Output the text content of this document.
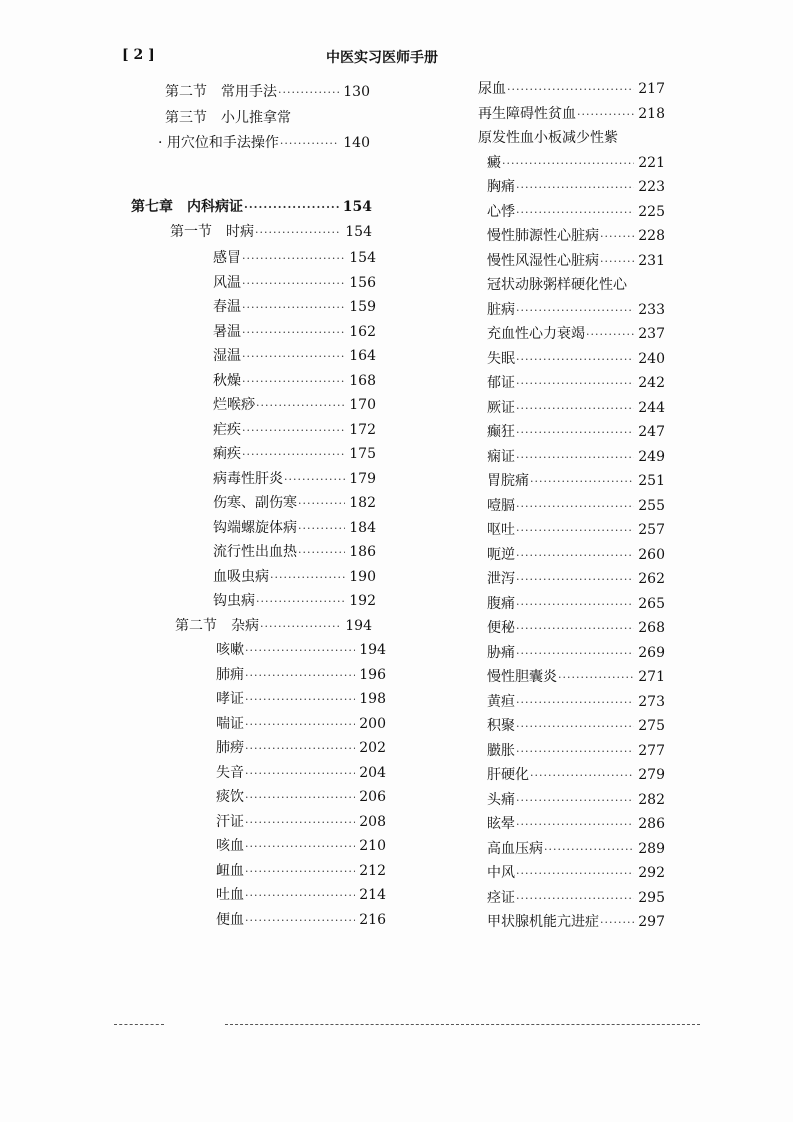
[ 2 ]	中医实习医师手册
第二节　常用手法 ·····	130
第三节　小儿推拿常
· 用穴位和手法操作 ·····	140
第七章　内科病证 ·····	154
第一节　时病 ·····	154
感冒 ·····	154
风温 ·····	156
春温 ·····	159
暑温 ·····	162
湿温 ·····	164
秋燥 ·····	168
烂喉痧 ·····	170
疟疾 ·····	172
痢疾 ·····	175
病毒性肝炎 ·····	179
伤寒、副伤寒 ·····	182
钩端螺旋体病 ·····	184
流行性出血热 ·····	186
血吸虫病 ·····	190
钩虫病 ·····	192
第二节　杂病 ·····	194
咳嗽 ·····	194
肺痈 ·····	196
哮证 ·····	198
喘证 ·····	200
肺痨 ·····	202
失音 ·····	204
痰饮 ·····	206
汗证 ·····	208
咳血 ·····	210
衄血 ·····	212
吐血 ·····	214
便血 ·····	216
尿血 ·····	217
再生障碍性贫血 ·····	218
原发性血小板减少性紫
癜 ·····	221
胸痛 ·····	223
心悸 ·····	225
慢性肺源性心脏病 ·····	228
慢性风湿性心脏病 ·····	231
冠状动脉粥样硬化性心
脏病 ·····	233
充血性心力衰竭 ·····	237
失眠 ·····	240
郁证 ·····	242
厥证 ·····	244
癫狂 ·····	247
痫证 ·····	249
胃脘痛 ·····	251
噎膈 ·····	255
呕吐 ·····	257
呃逆 ·····	260
泄泻 ·····	262
腹痛 ·····	265
便秘 ·····	268
胁痛 ·····	269
慢性胆囊炎 ·····	271
黄疸 ·····	273
积聚 ·····	275
臌胀 ·····	277
肝硬化 ·····	279
头痛 ·····	282
眩晕 ·····	286
高血压病 ·····	289
中风 ·····	292
痉证 ·····	295
甲状腺机能亢进症 ·····	297
